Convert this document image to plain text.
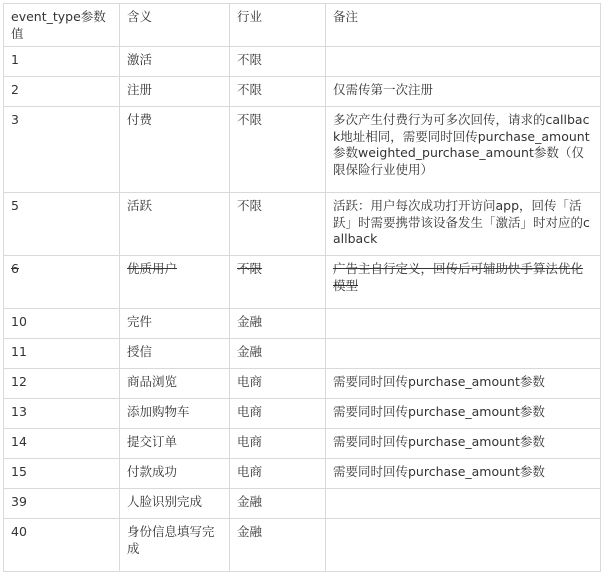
event_type参数值	含义	行业	备注
1	激活	不限	
2	注册	不限	仅需传第一次注册
3	付费	不限	多次产生付费行为可多次回传，请求的callback地址相同，需要同时回传purchase_amount参数weighted_purchase_amount参数（仅限保险行业使用）
5	活跃	不限	活跃：用户每次成功打开访问app，回传「活跃」时需要携带该设备发生「激活」时对应的callback
6	优质用户	不限	广告主自行定义，回传后可辅助快手算法优化模型
10	完件	金融	
11	授信	金融	
12	商品浏览	电商	需要同时回传purchase_amount参数
13	添加购物车	电商	需要同时回传purchase_amount参数
14	提交订单	电商	需要同时回传purchase_amount参数
15	付款成功	电商	需要同时回传purchase_amount参数
39	人脸识别完成	金融	
40	身份信息填写完成	金融	
